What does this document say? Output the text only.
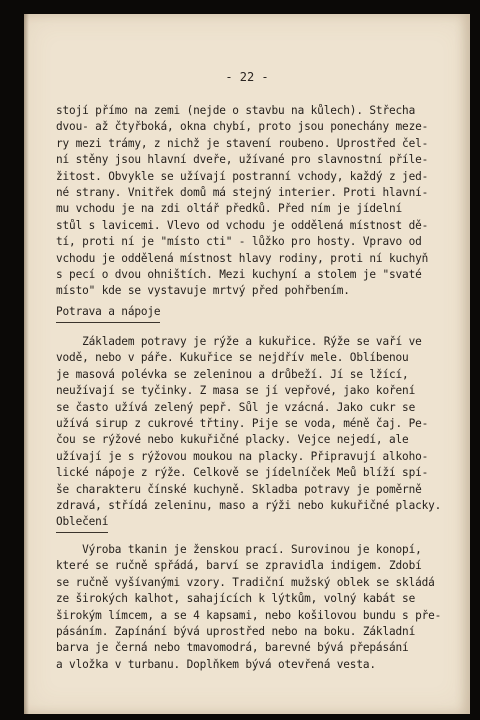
- 22 -
stojí přímo na zemi (nejde o stavbu na kůlech). Střecha
dvou- až čtyřboká, okna chybí, proto jsou ponechány meze-
ry mezi trámy, z nichž je stavení roubeno. Uprostřed čel-
ní stěny jsou hlavní dveře, užívané pro slavnostní příle-
žitost. Obvykle se užívají postranní vchody, každý z jed-
né strany. Vnitřek domů má stejný interier. Proti hlavní-
mu vchodu je na zdi oltář předků. Před ním je jídelní
stůl s lavicemi. Vlevo od vchodu je oddělená místnost dě-
tí, proti ní je "místo cti" - lůžko pro hosty. Vpravo od
vchodu je oddělená místnost hlavy rodiny, proti ní kuchyň
s pecí o dvou ohništích. Mezi kuchyní a stolem je "svaté
místo" kde se vystavuje mrtvý před pohřbením.
Potrava a nápoje
Základem potravy je rýže a kukuřice. Rýže se vaří ve
vodě, nebo v páře. Kukuřice se nejdřív mele. Oblíbenou
je masová polévka se zeleninou a drůbeží. Jí se lžící,
neužívají se tyčinky. Z masa se jí vepřové, jako koření
se často užívá zelený pepř. Sůl je vzácná. Jako cukr se
užívá sirup z cukrové třtiny. Pije se voda, méně čaj. Pe-
čou se rýžové nebo kukuřičné placky. Vejce nejedí, ale
užívají je s rýžovou moukou na placky. Připravují alkoho-
lické nápoje z rýže. Celkově se jídelníček Meů blíží spí-
še charakteru čínské kuchyně. Skladba potravy je poměrně
zdravá, střídá zeleninu, maso a rýži nebo kukuřičné placky.
Oblečení
Výroba tkanin je ženskou prací. Surovinou je konopí,
které se ručně spřádá, barví se zpravidla indigem. Zdobí
se ručně vyšívanými vzory. Tradiční mužský oblek se skládá
ze širokých kalhot, sahajících k lýtkům, volný kabát se
širokým límcem, a se 4 kapsami, nebo košilovou bundu s pře-
pásáním. Zapínání bývá uprostřed nebo na boku. Základní
barva je černá nebo tmavomodrá, barevné bývá přepásání
a vložka v turbanu. Doplňkem bývá otevřená vesta.
